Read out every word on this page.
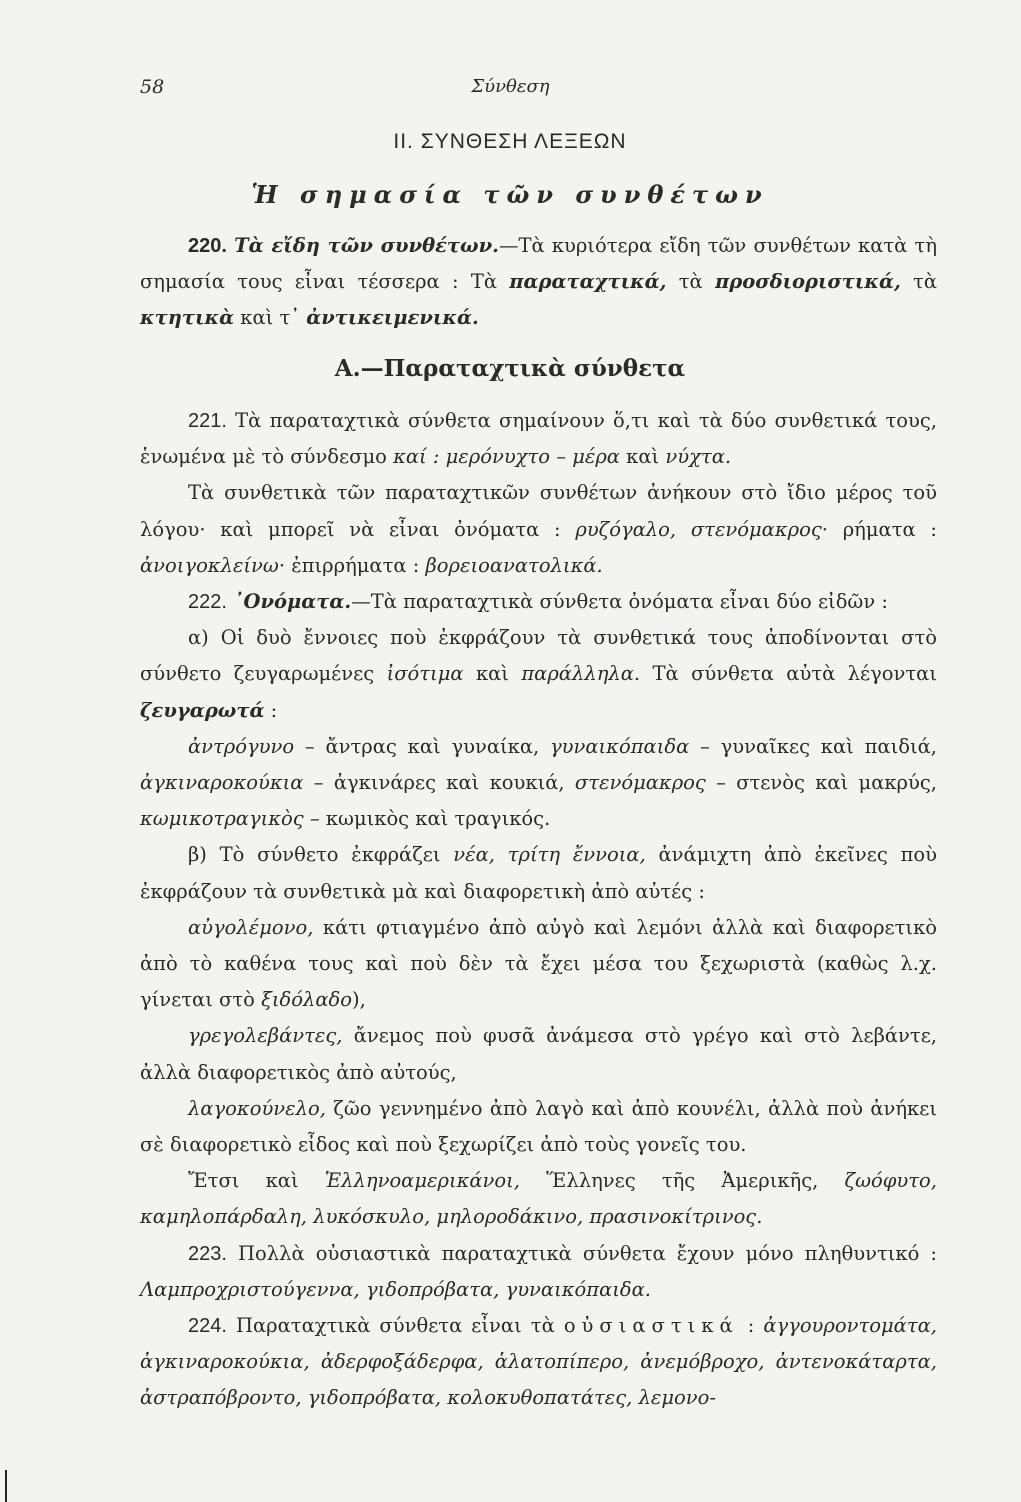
58	Σύνθεση
II. ΣΥΝΘΕΣΗ ΛΕΞΕΩΝ
Ἡ σημασία τῶν συνθέτων

220. Τὰ εἴδη τῶν συνθέτων.—Τὰ κυριότερα εἴδη τῶν συνθέτων κατὰ τὴ σημασία τους εἶναι τέσσερα : Τὰ παραταχτικά, τὰ προσδιοριστικά, τὰ κτητικὰ καὶ τ᾿ ἀντικειμενικά.

Α.—Παραταχτικὰ σύνθετα

221. Τὰ παραταχτικὰ σύνθετα σημαίνουν ὅ,τι καὶ τὰ δύο συνθετικά τους, ἑνωμένα μὲ τὸ σύνδεσμο καί : μερόνυχτο – μέρα καὶ νύχτα.

Τὰ συνθετικὰ τῶν παραταχτικῶν συνθέτων ἀνήκουν στὸ ἴδιο μέρος τοῦ λόγου· καὶ μπορεῖ νὰ εἶναι ὀνόματα : ρυζόγαλο, στενόμακρος· ρήματα : ἀνοιγοκλείνω· ἐπιρρήματα : βορειοανατολικά.

222. ᾿Ονόματα.—Τὰ παραταχτικὰ σύνθετα ὀνόματα εἶναι δύο εἰδῶν :

α) Οἱ δυὸ ἔννοιες ποὺ ἐκφράζουν τὰ συνθετικά τους ἀποδίνονται στὸ σύνθετο ζευγαρωμένες ἰσότιμα καὶ παράλληλα. Τὰ σύνθετα αὐτὰ λέγονται ζευγαρωτά :

ἀντρόγυνο – ἄντρας καὶ γυναίκα, γυναικόπαιδα – γυναῖκες καὶ παιδιά, ἀγκιναροκούκια – ἀγκινάρες καὶ κουκιά, στενόμακρος – στενὸς καὶ μακρύς, κωμικοτραγικὸς – κωμικὸς καὶ τραγικός.

β) Τὸ σύνθετο ἐκφράζει νέα, τρίτη ἔννοια, ἀνάμιχτη ἀπὸ ἐκεῖνες ποὺ ἐκφράζουν τὰ συνθετικὰ μὰ καὶ διαφορετικὴ ἀπὸ αὐτές :

αὐγολέμονο, κάτι φτιαγμένο ἀπὸ αὐγὸ καὶ λεμόνι ἀλλὰ καὶ διαφορετικὸ ἀπὸ τὸ καθένα τους καὶ ποὺ δὲν τὰ ἔχει μέσα του ξεχωριστὰ (καθὼς λ.χ. γίνεται στὸ ξιδόλαδο),

γρεγολεβάντες, ἄνεμος ποὺ φυσᾶ ἀνάμεσα στὸ γρέγο καὶ στὸ λεβάντε, ἀλλὰ διαφορετικὸς ἀπὸ αὐτούς,

λαγοκούνελο, ζῶο γεννημένο ἀπὸ λαγὸ καὶ ἀπὸ κουνέλι, ἀλλὰ ποὺ ἀνήκει σὲ διαφορετικὸ εἶδος καὶ ποὺ ξεχωρίζει ἀπὸ τοὺς γονεῖς του.

Ἔτσι καὶ Ἑλληνοαμερικάνοι, Ἕλληνες τῆς Ἀμερικῆς, ζωόφυτο, καμηλοπάρδαλη, λυκόσκυλο, μηλοροδάκινο, πρασινοκίτρινος.

223. Πολλὰ οὐσιαστικὰ παραταχτικὰ σύνθετα ἔχουν μόνο πληθυντικό : Λαμπροχριστούγεννα, γιδοπρόβατα, γυναικόπαιδα.

224. Παραταχτικὰ σύνθετα εἶναι τὰ οὐσιαστικά : ἀγγουροντομάτα, ἀγκιναροκούκια, ἀδερφοξάδερφα, ἁλατοπίπερο, ἀνεμόβροχο, ἀντενοκάταρτα, ἀστραπόβροντο, γιδοπρόβατα, κολοκυθοπατάτες, λεμονο-
